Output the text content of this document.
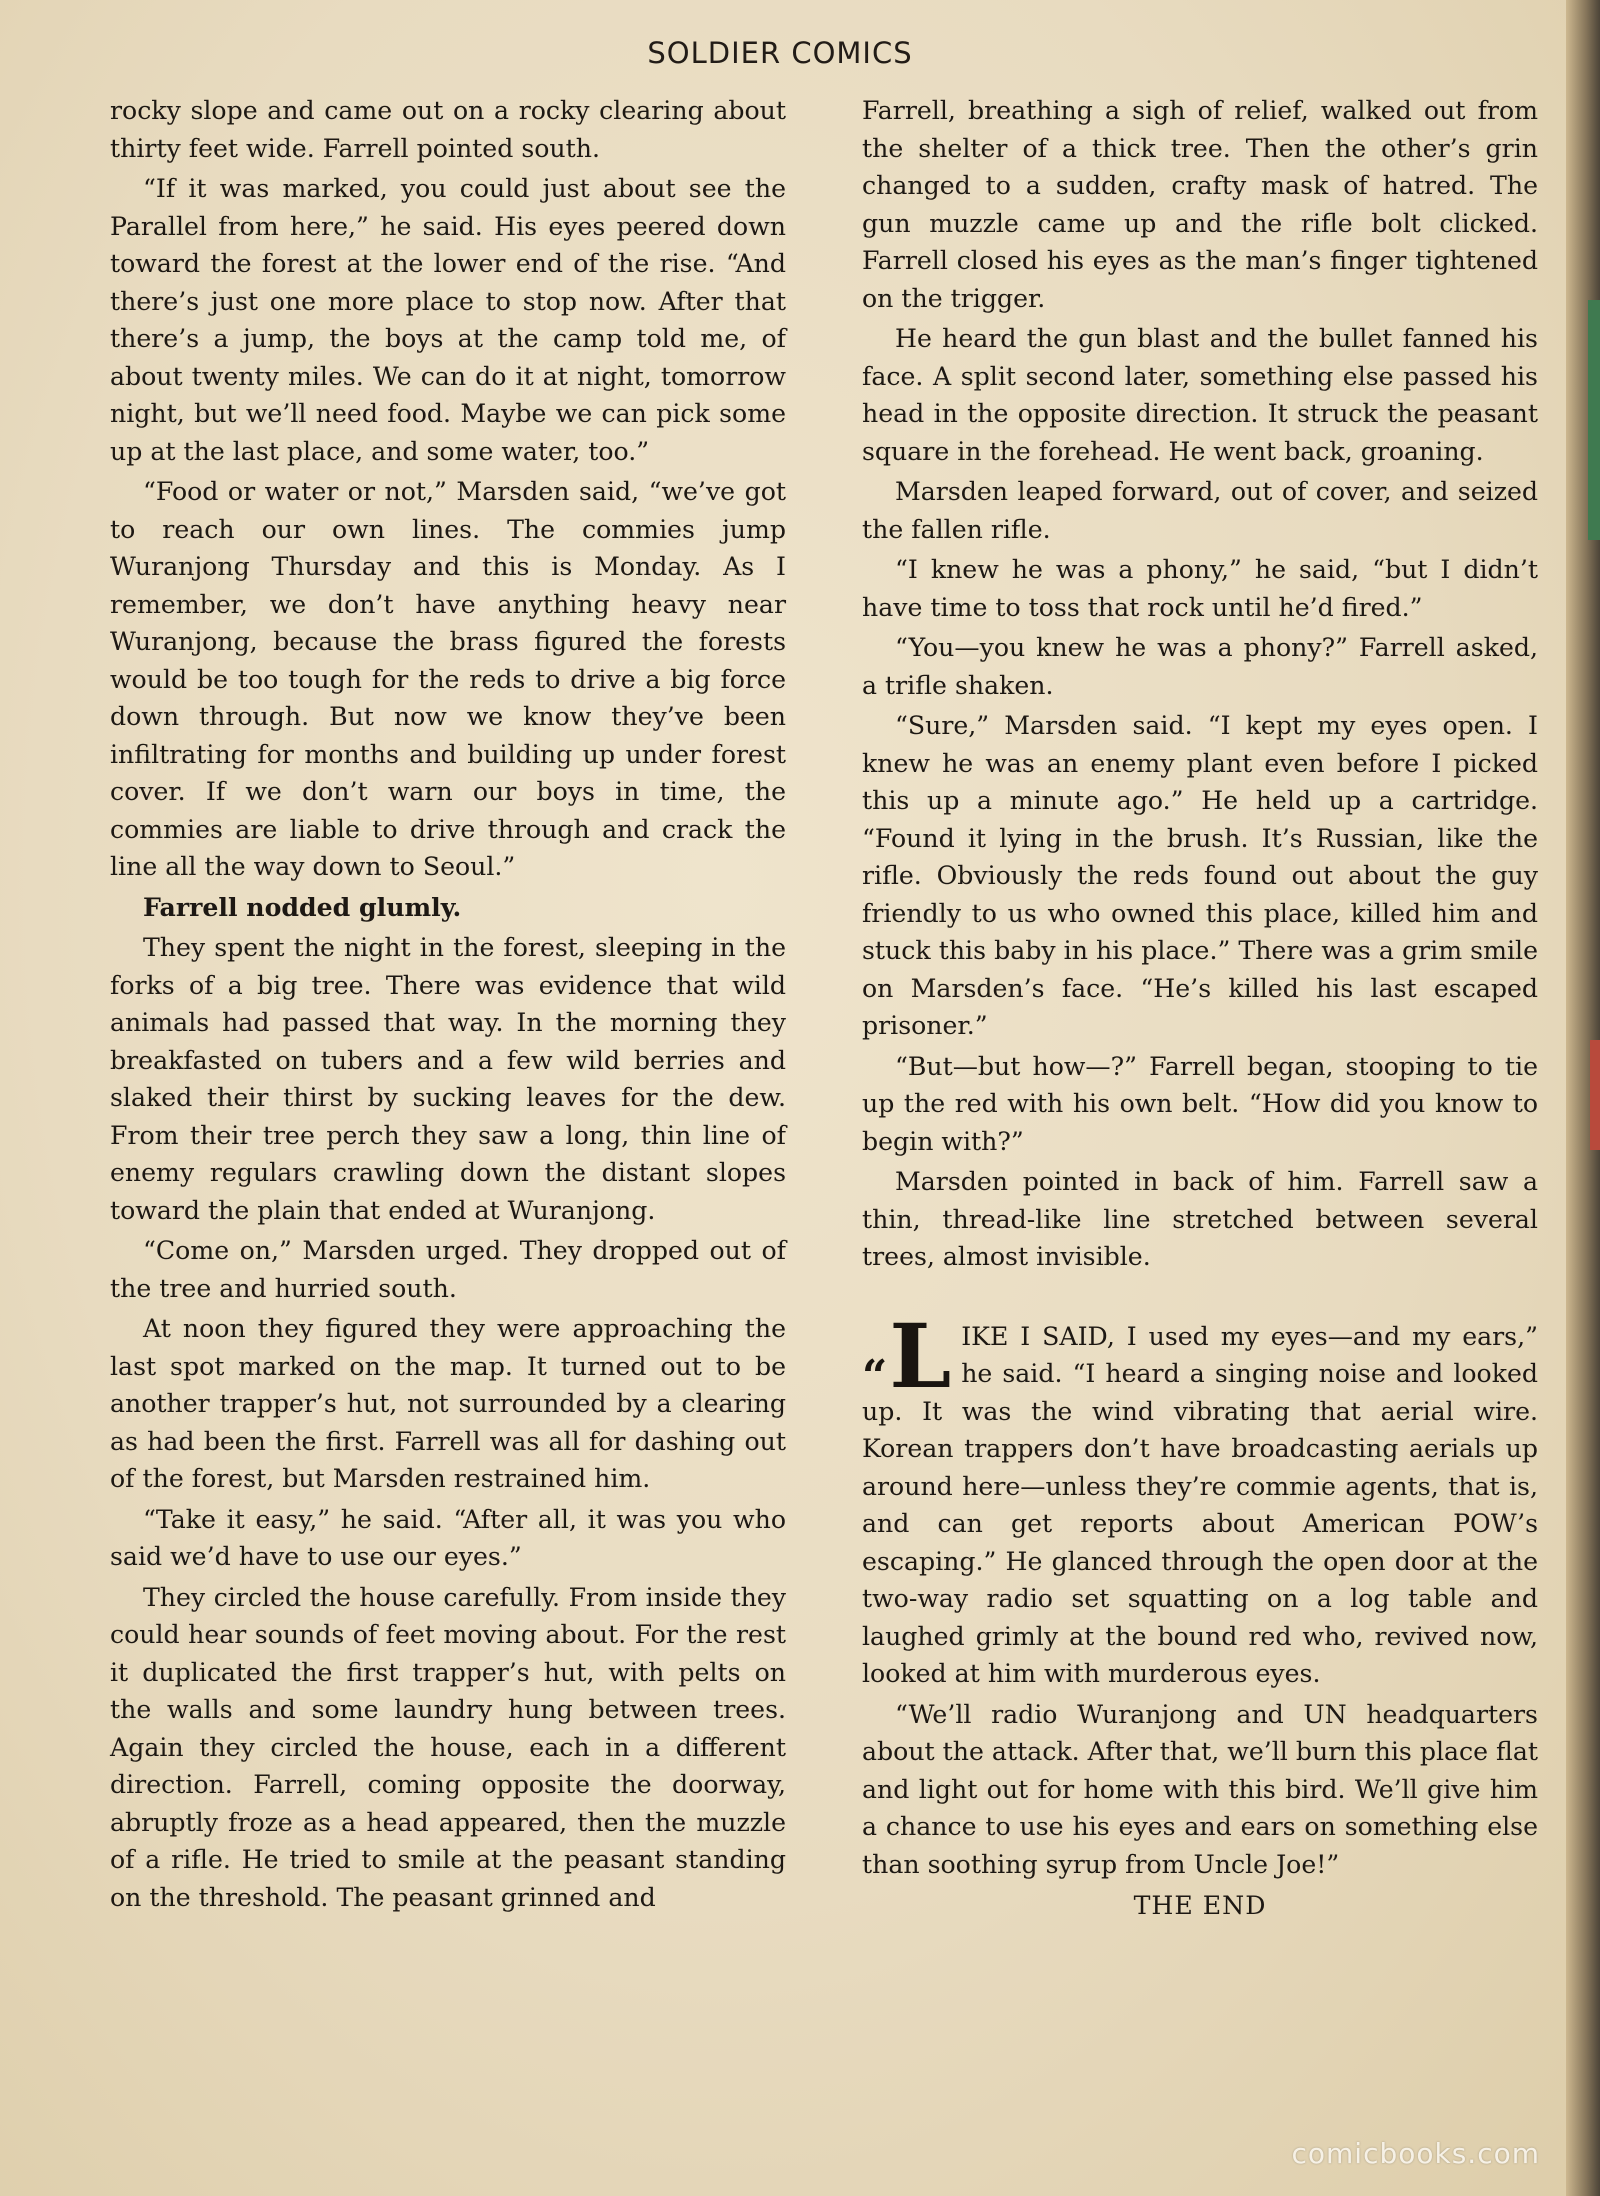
SOLDIER COMICS

rocky slope and came out on a rocky clearing about thirty feet wide. Farrell pointed south.

“If it was marked, you could just about see the Parallel from here,” he said. His eyes peered down toward the forest at the lower end of the rise. “And there’s just one more place to stop now. After that there’s a jump, the boys at the camp told me, of about twenty miles. We can do it at night, tomorrow night, but we’ll need food. Maybe we can pick some up at the last place, and some water, too.”

“Food or water or not,” Marsden said, “we’ve got to reach our own lines. The commies jump Wuranjong Thursday and this is Monday. As I remember, we don’t have anything heavy near Wuranjong, because the brass figured the forests would be too tough for the reds to drive a big force down through. But now we know they’ve been infiltrating for months and building up under forest cover. If we don’t warn our boys in time, the commies are liable to drive through and crack the line all the way down to Seoul.”

Farrell nodded glumly.

They spent the night in the forest, sleeping in the forks of a big tree. There was evidence that wild animals had passed that way. In the morning they breakfasted on tubers and a few wild berries and slaked their thirst by sucking leaves for the dew. From their tree perch they saw a long, thin line of enemy regulars crawling down the distant slopes toward the plain that ended at Wuranjong.

“Come on,” Marsden urged. They dropped out of the tree and hurried south.

At noon they figured they were approaching the last spot marked on the map. It turned out to be another trapper’s hut, not surrounded by a clearing as had been the first. Farrell was all for dashing out of the forest, but Marsden restrained him.

“Take it easy,” he said. “After all, it was you who said we’d have to use our eyes.”

They circled the house carefully. From inside they could hear sounds of feet moving about. For the rest it duplicated the first trapper’s hut, with pelts on the walls and some laundry hung between trees. Again they circled the house, each in a different direction. Farrell, coming opposite the doorway, abruptly froze as a head appeared, then the muzzle of a rifle. He tried to smile at the peasant standing on the threshold. The peasant grinned and

Farrell, breathing a sigh of relief, walked out from the shelter of a thick tree. Then the other’s grin changed to a sudden, crafty mask of hatred. The gun muzzle came up and the rifle bolt clicked. Farrell closed his eyes as the man’s finger tightened on the trigger.

He heard the gun blast and the bullet fanned his face. A split second later, something else passed his head in the opposite direction. It struck the peasant square in the forehead. He went back, groaning.

Marsden leaped forward, out of cover, and seized the fallen rifle.

“I knew he was a phony,” he said, “but I didn’t have time to toss that rock until he’d fired.”

“You—you knew he was a phony?” Farrell asked, a trifle shaken.

“Sure,” Marsden said. “I kept my eyes open. I knew he was an enemy plant even before I picked this up a minute ago.” He held up a cartridge. “Found it lying in the brush. It’s Russian, like the rifle. Obviously the reds found out about the guy friendly to us who owned this place, killed him and stuck this baby in his place.” There was a grim smile on Marsden’s face. “He’s killed his last escaped prisoner.”

“But—but how—?” Farrell began, stooping to tie up the red with his own belt. “How did you know to begin with?”

Marsden pointed in back of him. Farrell saw a thin, thread-like line stretched between several trees, almost invisible.

“L IKE I SAID, I used my eyes—and my ears,” he said. “I heard a singing noise and looked up. It was the wind vibrating that aerial wire. Korean trappers don’t have broadcasting aerials up around here—unless they’re commie agents, that is, and can get reports about American POW’s escaping.” He glanced through the open door at the two-way radio set squatting on a log table and laughed grimly at the bound red who, revived now, looked at him with murderous eyes.

“We’ll radio Wuranjong and UN headquarters about the attack. After that, we’ll burn this place flat and light out for home with this bird. We’ll give him a chance to use his eyes and ears on something else than soothing syrup from Uncle Joe!”

THE END

comicbooks.com
